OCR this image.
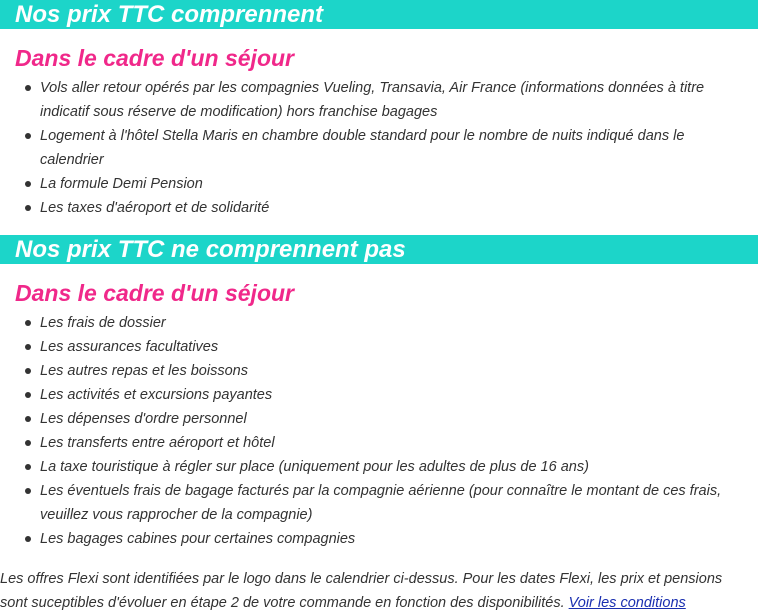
Nos prix TTC comprennent
Dans le cadre d'un séjour
Vols aller retour opérés par les compagnies Vueling, Transavia, Air France (informations données à titre indicatif sous réserve de modification) hors franchise bagages
Logement à l'hôtel Stella Maris en chambre double standard pour le nombre de nuits indiqué dans le calendrier
La formule Demi Pension
Les taxes d'aéroport et de solidarité
Nos prix TTC ne comprennent pas
Dans le cadre d'un séjour
Les frais de dossier
Les assurances facultatives
Les autres repas et les boissons
Les activités et excursions payantes
Les dépenses d'ordre personnel
Les transferts entre aéroport et hôtel
La taxe touristique à régler sur place (uniquement pour les adultes de plus de 16 ans)
Les éventuels frais de bagage facturés par la compagnie aérienne (pour connaître le montant de ces frais, veuillez vous rapprocher de la compagnie)
Les bagages cabines pour certaines compagnies
Les offres Flexi sont identifiées par le logo dans le calendrier ci-dessus. Pour les dates Flexi, les prix et pensions sont suceptibles d'évoluer en étape 2 de votre commande en fonction des disponibilités. Voir les conditions
